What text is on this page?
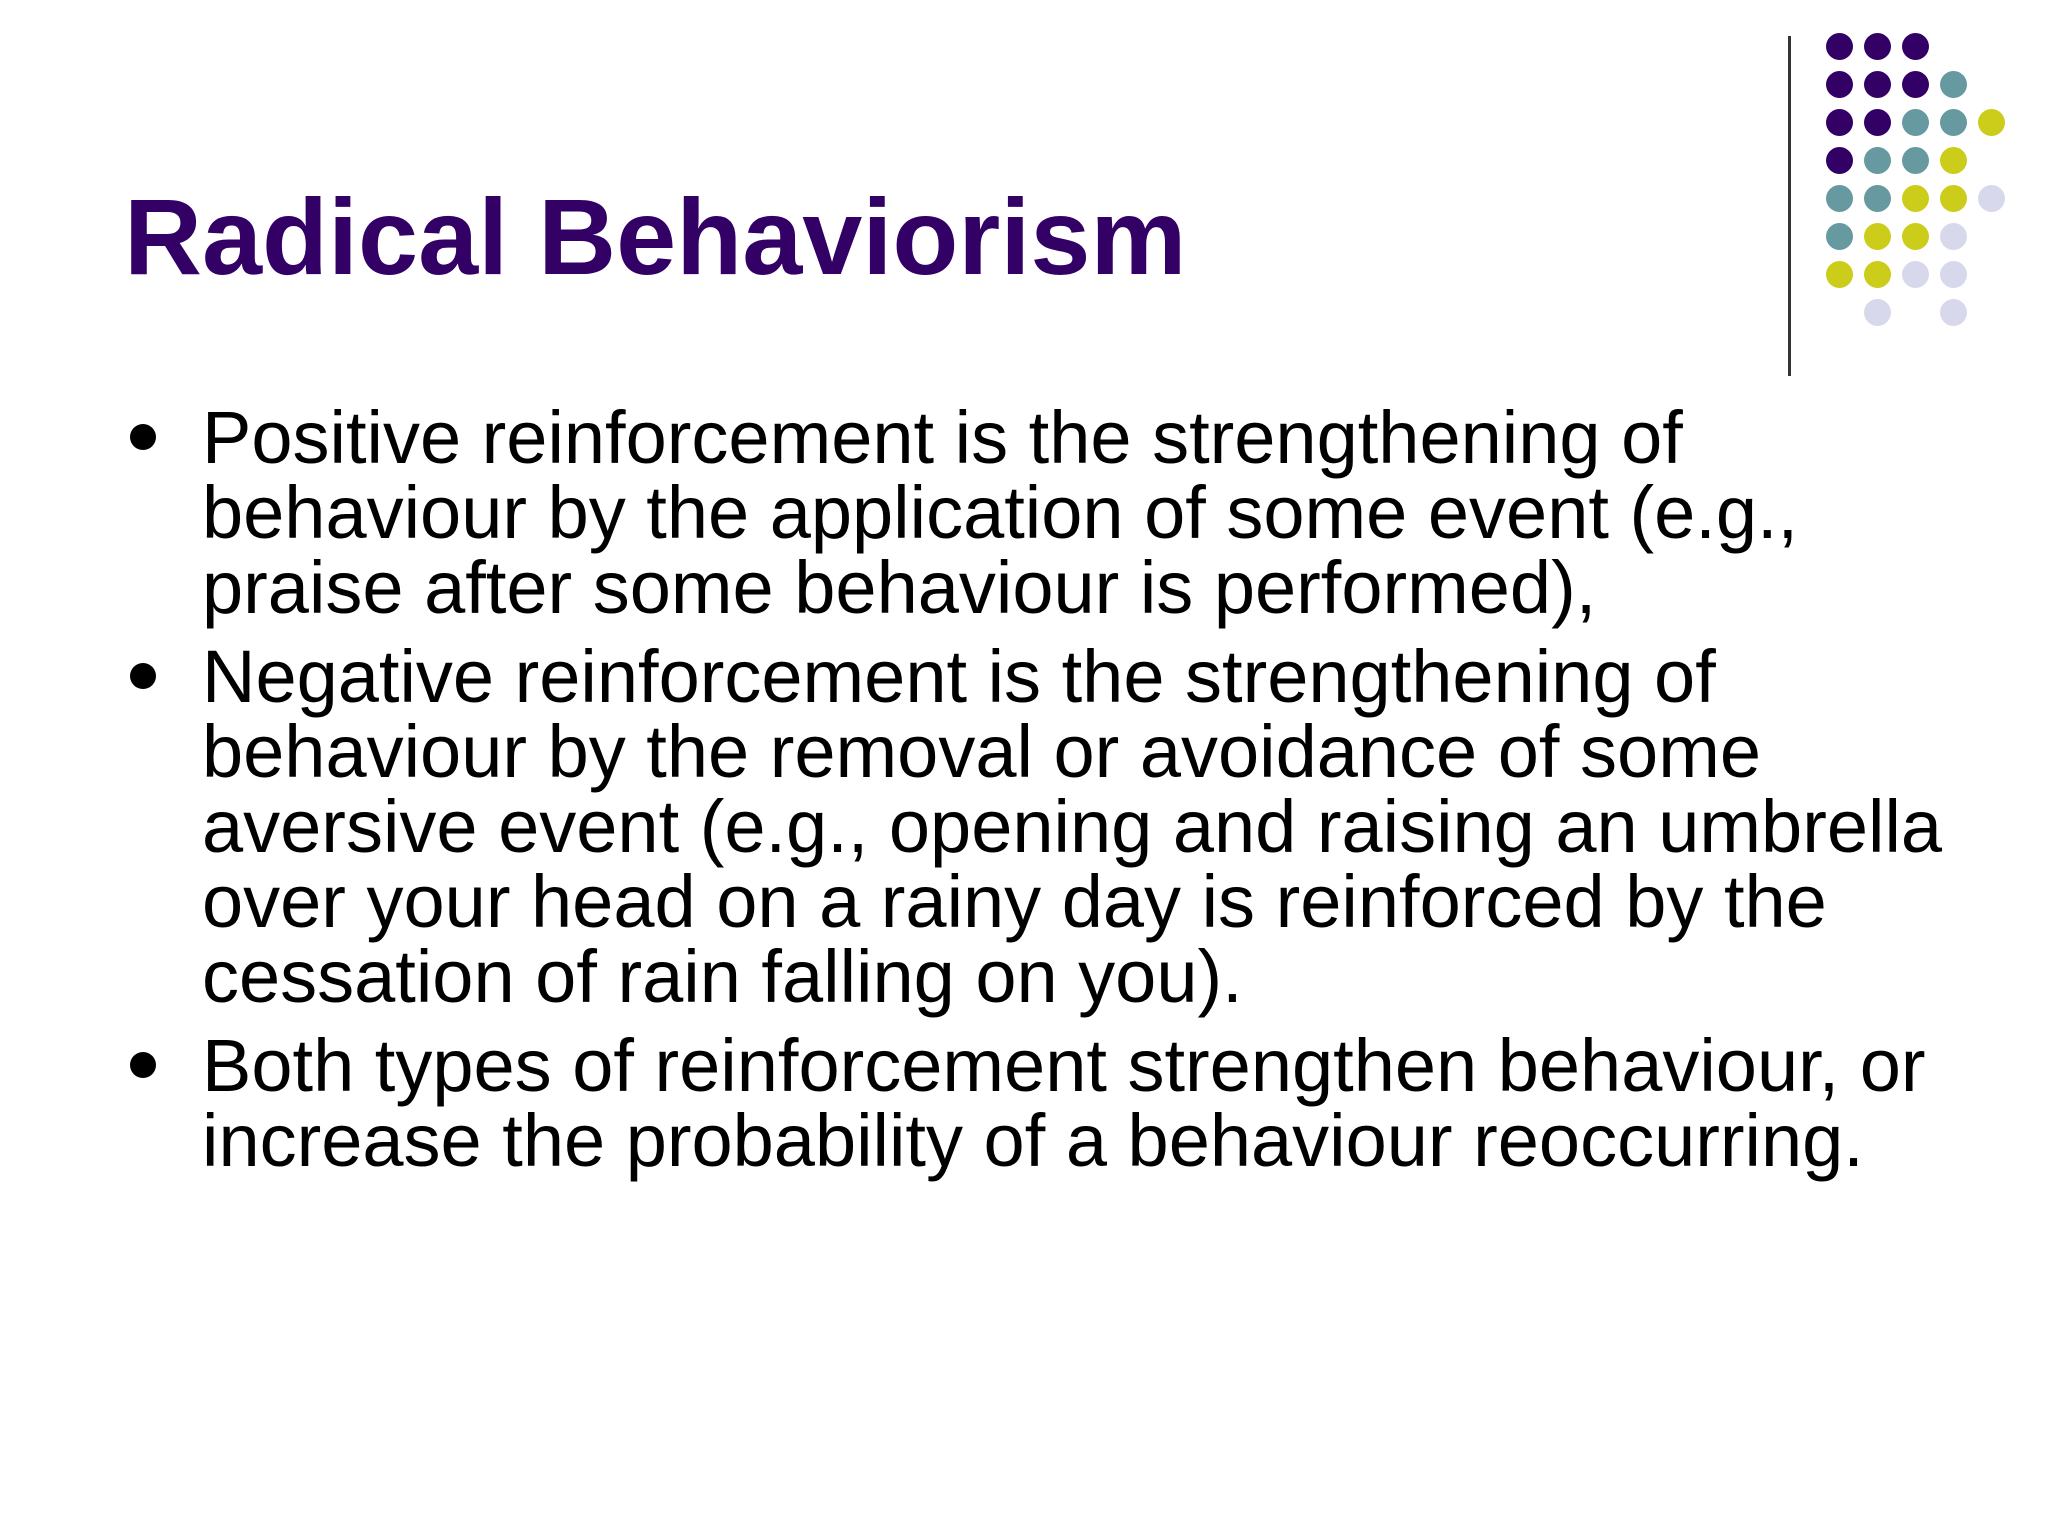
Radical Behaviorism
Positive reinforcement is the strengthening of behaviour by the application of some event (e.g., praise after some behaviour is performed),
Negative reinforcement is the strengthening of behaviour by the removal or avoidance of some aversive event (e.g., opening and raising an umbrella over your head on a rainy day is reinforced by the cessation of rain falling on you).
Both types of reinforcement strengthen behaviour, or increase the probability of a behaviour reoccurring.
